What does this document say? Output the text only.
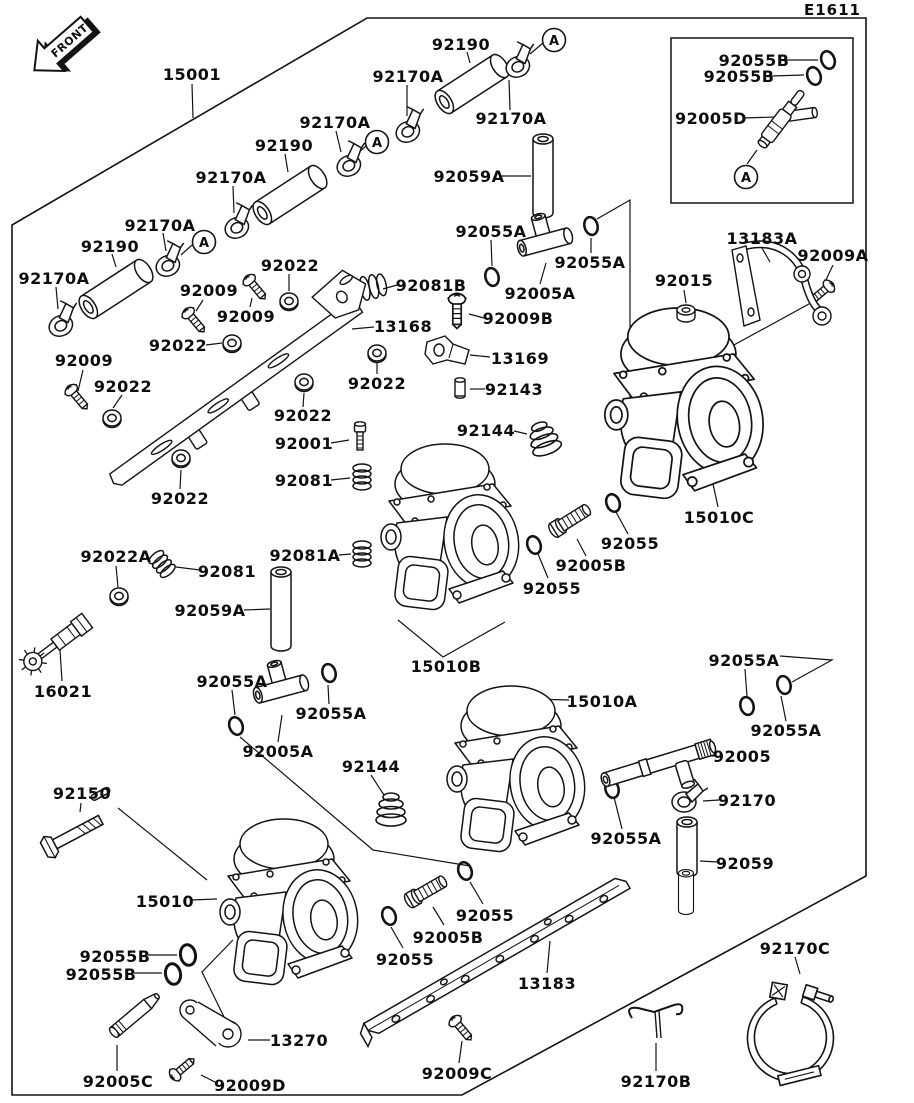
A
A
A
A
15001
92190
92170A
92170A
92170A
92190
92170A
92170A
92190
92170A
92059A
92055A
92055A
92005A
92022
92081B
92009
92009
13168	92009B
13169
92143
92009
92022
92022	92022
92022
92001
92081
92022
92144
92015
13183A
92009A
92055B
92055B
92005D
15010C
92055
92005B
92055
92022A
92081
92081A
92059A
16021
92055A
92055A
92005A
15010B
15010A
92055A
92055A
92005
92144
92150	92170
92055A
92059
15010
92055
92005B
92055
92055B
92055B	13183
92170C
13270
92005C	92009D
92009C	92170B
E1611
FRONT
